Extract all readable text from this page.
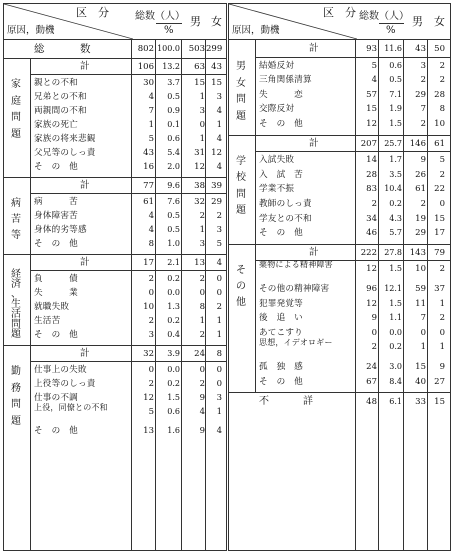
区　分
原因，動機
総数（人）
%
男 女
総　　　数	802 100.0	503 299
計	106	13.2	63 43
親との不和	30	3.7	15 15
兄弟との不和	4	0.5	1	3
両親間の不和	7	0.9	3	4
家族の死亡	1	0.1	0	1
家族の将来悲観	5	0.6	1	4
父兄等のしっ責	43	5.4	31 12
そ　の　他	16	2.0	12	4
家
庭
問
題
計	77	9.6	38 39
病　　　苦	61	7.6	32 29
身体障害苦	4	0.5	2	2
身体的劣等感	4	0.5	1	3
そ　の　他	8	1.0	3	5
病
苦
等
計	17	2.1	13	4
負　　　債	2	0.2	2	0
失　　　業	0	0.0	0	0
就職失敗	10	1.3	8	2
生活苦	2	0.2	1	1
そ　の　他	3	0.4	2	1
経
済
、
生
活
問
題
計	32	3.9	24	8
仕事上の失敗	0	0.0	0	0
上役等のしっ責	2	0.2	2	0
仕事の不調	12	1.5	9	3
上役，同僚との不和	5	0.6	4	1
そ　の　他	13	1.6	9	4
勤
務
問
題
区　分
原因，動機
総数（人）
%
男 女
計	93 11.6	43 50
結婚反対	5	0.6	3	2
三角関係清算	4	0.5	2	2
失　　　恋	57	7.1	29 28
交際反対	15	1.9	7	8
そ　の　他	12	1.5	2 10
男
女
問
題
計	207 25.7 146 61
入試失敗	14	1.7	9	5
入　試　苦	28	3.5	26	2
学業不振	83 10.4	61 22
教師のしっ責	2	0.2	2	0
学友との不和	34	4.3	19 15
そ　の　他	46	5.7	29 17
学
校
問
題
計	222 27.8 143 79
薬物による精神障害	12	1.5	10	2
その他の精神障害	96 12.1	59 37
犯罪発覚等	12	1.5	11	1
後　追　い	9	1.1	7	2
あてこすり	0	0.0	0	0
思想，イデオロギー	2	0.2	1	1
孤　独　感	24	3.0	15	9
そ　の　他	67	8.4	40 27
そ
の
他
不　　　詳	48	6.1	33 15
